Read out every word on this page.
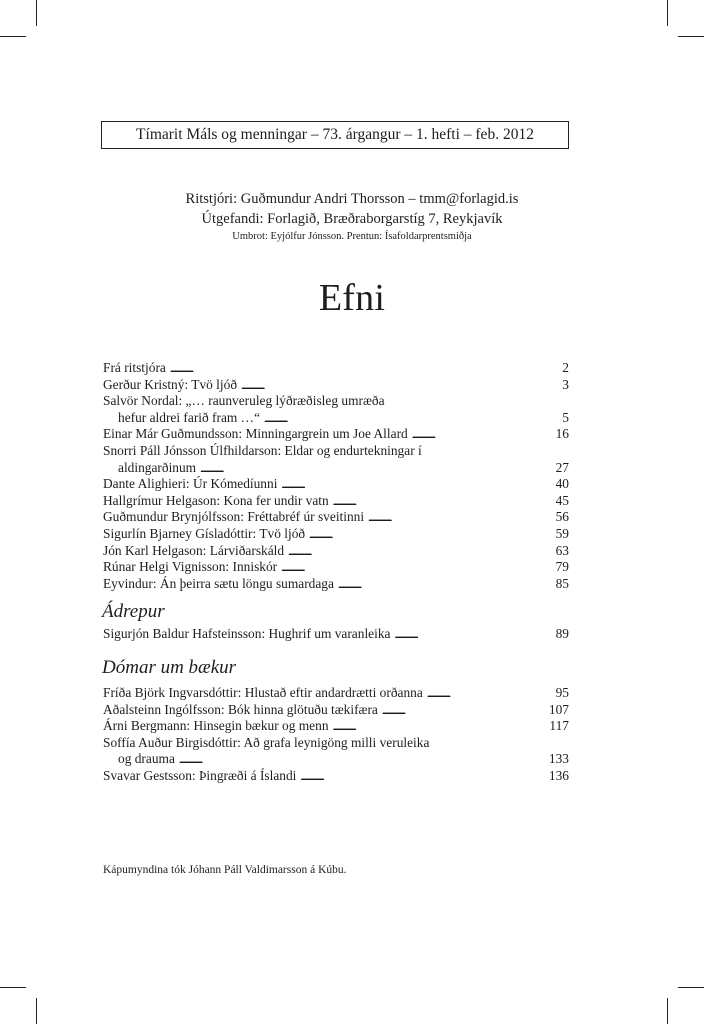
Tímarit Máls og menningar – 73. árgangur – 1. hefti – feb. 2012
Ritstjóri: Guðmundur Andri Thorsson – tmm@forlagid.is
Útgefandi: Forlagið, Bræðraborgarstíg 7, Reykjavík
Umbrot: Eyjólfur Jónsson. Prentun: Ísafoldarprentsmiðja
Efni
Frá ritstjóra . . .	2
Gerður Kristný: Tvö ljóð . . .	3
Salvör Nordal: „… raunveruleg lýðræðisleg umræða
hefur aldrei farið fram …“ . . .	5
Einar Már Guðmundsson: Minningargrein um Joe Allard . . .	16
Snorri Páll Jónsson Úlfhildarson: Eldar og endurtekningar í
aldingarðinum . . .	27
Dante Alighieri: Úr Kómedíunni . . .	40
Hallgrímur Helgason: Kona fer undir vatn . . .	45
Guðmundur Brynjólfsson: Fréttabréf úr sveitinni . . .	56
Sigurlín Bjarney Gísladóttir: Tvö ljóð . . .	59
Jón Karl Helgason: Lárviðarskáld . . .	63
Rúnar Helgi Vignisson: Inniskór . . .	79
Eyvindur: Án þeirra sætu löngu sumardaga . . .	85
Ádrepur
Sigurjón Baldur Hafsteinsson: Hughrif um varanleika . . .	89
Dómar um bækur
Fríða Björk Ingvarsdóttir: Hlustað eftir andardrætti orðanna . . .	95
Aðalsteinn Ingólfsson: Bók hinna glötuðu tækifæra . . .	107
Árni Bergmann: Hinsegin bækur og menn . . .	117
Soffía Auður Birgisdóttir: Að grafa leynigöng milli veruleika
og drauma . . .	133
Svavar Gestsson: Þingræði á Íslandi . . .	136
Kápumyndina tók Jóhann Páll Valdimarsson á Kúbu.
